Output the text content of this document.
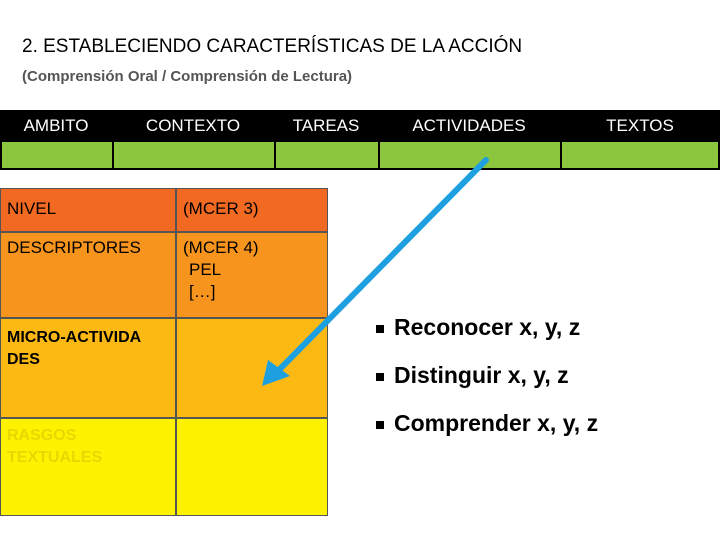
2. ESTABLECIENDO CARACTERÍSTICAS DE LA ACCIÓN
(Comprensión Oral / Comprensión de Lectura)
AMBITO	CONTEXTO	TAREAS	ACTIVIDADES	TEXTOS
NIVEL	(MCER 3)
DESCRIPTORES	(MCER 4)
PEL
[…]
MICRO-ACTIVIDADES
RASGOS TEXTUALES
Reconocer x, y, z
Distinguir x, y, z
Comprender x, y, z
